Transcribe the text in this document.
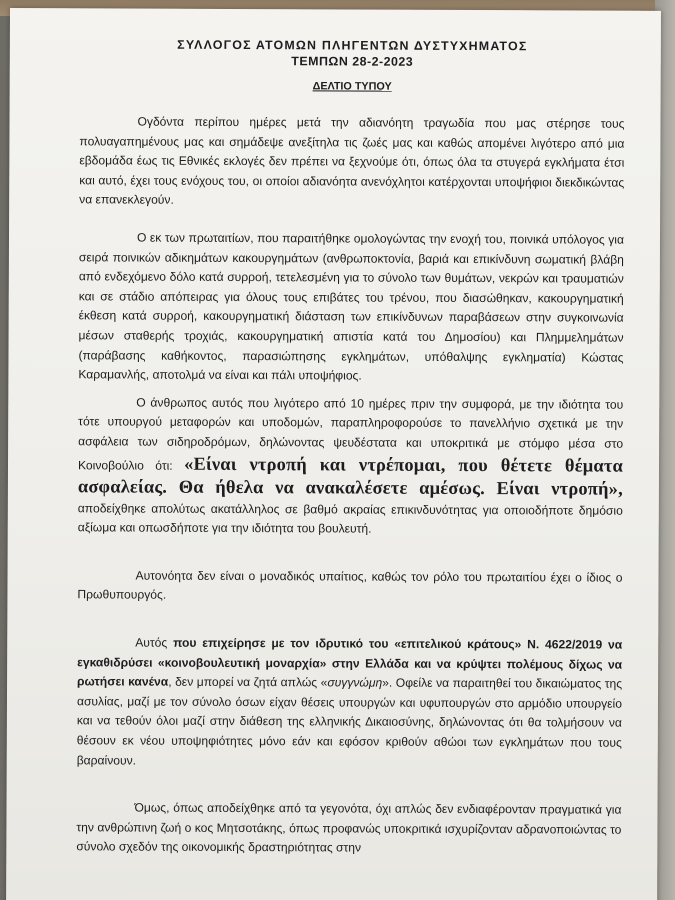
ΣΥΛΛΟΓΟΣ ΑΤΟΜΩΝ ΠΛΗΓΕΝΤΩΝ ΔΥΣΤΥΧΗΜΑΤΟΣ

ΤΕΜΠΩΝ 28-2-2023

ΔΕΛΤΙΟ ΤΥΠΟΥ

Ογδόντα περίπου ημέρες μετά την αδιανόητη τραγωδία που μας στέρησε τους πολυαγαπημένους μας και σημάδεψε ανεξίτηλα τις ζωές μας και καθώς απομένει λιγότερο από μια εβδομάδα έως τις Εθνικές εκλογές δεν πρέπει να ξεχνούμε ότι, όπως όλα τα στυγερά εγκλήματα έτσι και αυτό, έχει τους ενόχους του, οι οποίοι αδιανόητα ανενόχλητοι κατέρχονται υποψήφιοι διεκδικώντας να επανεκλεγούν.

Ο εκ των πρωταιτίων, που παραιτήθηκε ομολογώντας την ενοχή του, ποινικά υπόλογος για σειρά ποινικών αδικημάτων κακουργημάτων (ανθρωποκτονία, βαριά και επικίνδυνη σωματική βλάβη από ενδεχόμενο δόλο κατά συρροή, τετελεσμένη για το σύνολο των θυμάτων, νεκρών και τραυματιών και σε στάδιο απόπειρας για όλους τους επιβάτες του τρένου, που διασώθηκαν, κακουργηματική έκθεση κατά συρροή, κακουργηματική διάσταση των επικίνδυνων παραβάσεων στην συγκοινωνία μέσων σταθερής τροχιάς, κακουργηματική απιστία κατά του Δημοσίου) και Πλημμελημάτων (παράβασης καθήκοντος, παρασιώπησης εγκλημάτων, υπόθαλψης εγκληματία) Κώστας Καραμανλής, αποτολμά να είναι και πάλι υποψήφιος.

Ο άνθρωπος αυτός που λιγότερο από 10 ημέρες πριν την συμφορά, με την ιδιότητα του τότε υπουργού μεταφορών και υποδομών, παραπληροφορούσε το πανελλήνιο σχετικά με την ασφάλεια των σιδηροδρόμων, δηλώνοντας ψευδέστατα και υποκριτικά με στόμφο μέσα στο Κοινοβούλιο ότι: «Είναι ντροπή και ντρέπομαι, που θέτετε θέματα ασφαλείας. Θα ήθελα να ανακαλέσετε αμέσως. Είναι ντροπή», αποδείχθηκε απολύτως ακατάλληλος σε βαθμό ακραίας επικινδυνότητας για οποιοδήποτε δημόσιο αξίωμα και οπωσδήποτε για την ιδιότητα του βουλευτή.

Αυτονόητα δεν είναι ο μοναδικός υπαίτιος, καθώς τον ρόλο του πρωταιτίου έχει ο ίδιος ο Πρωθυπουργός.

Αυτός που επιχείρησε με τον ιδρυτικό του «επιτελικού κράτους» Ν. 4622/2019 να εγκαθιδρύσει «κοινοβουλευτική μοναρχία» στην Ελλάδα και να κρύψτει πολέμους δίχως να ρωτήσει κανένα, δεν μπορεί να ζητά απλώς «συγγνώμη». Οφείλε να παραιτηθεί του δικαιώματος της ασυλίας, μαζί με τον σύνολο όσων είχαν θέσεις υπουργών και υφυπουργών στο αρμόδιο υπουργείο και να τεθούν όλοι μαζί στην διάθεση της ελληνικής Δικαιοσύνης, δηλώνοντας ότι θα τολμήσουν να θέσουν εκ νέου υποψηφιότητες μόνο εάν και εφόσον κριθούν αθώοι των εγκλημάτων που τους βαραίνουν.

Όμως, όπως αποδείχθηκε από τα γεγονότα, όχι απλώς δεν ενδιαφέρονταν πραγματικά για την ανθρώπινη ζωή ο κος Μητσοτάκης, όπως προφανώς υποκριτικά ισχυρίζονταν αδρανοποιώντας το σύνολο σχεδόν της οικονομικής δραστηριότητας στην
